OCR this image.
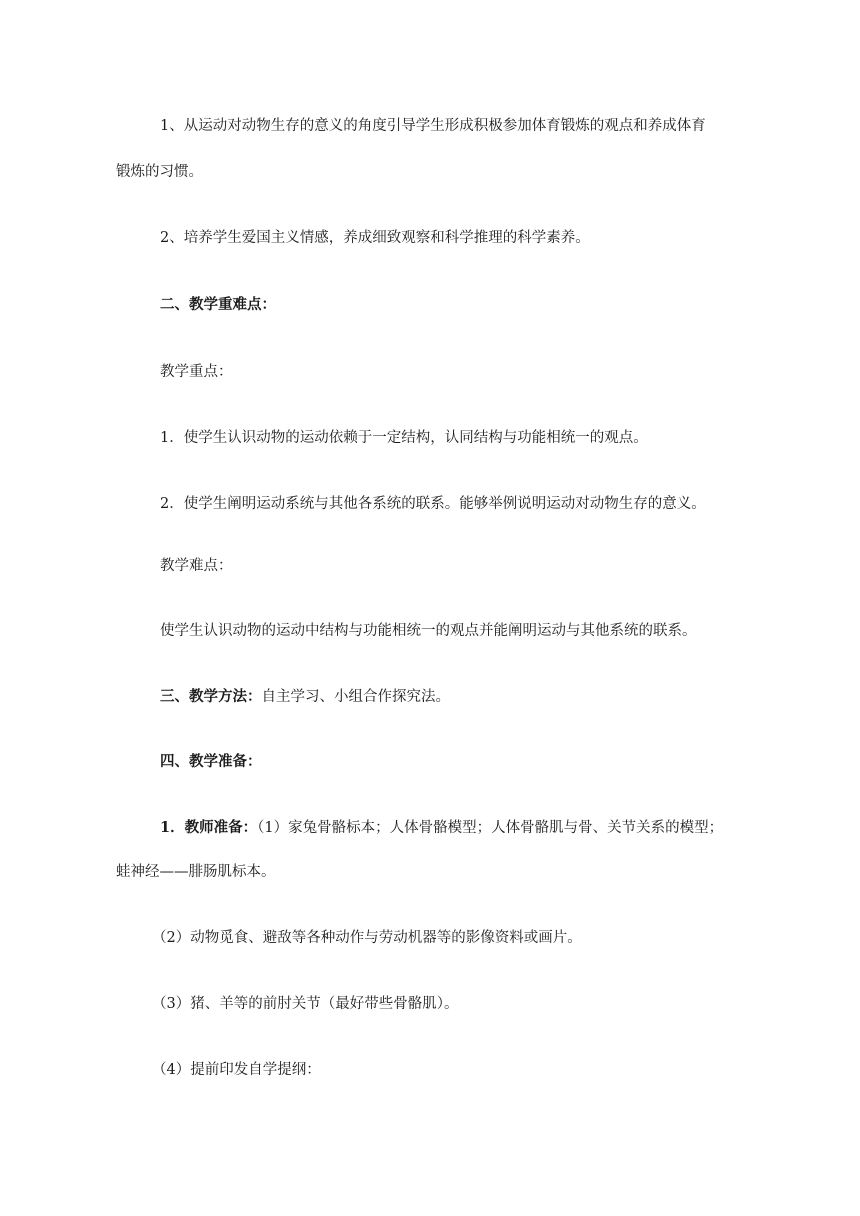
1、从运动对动物生存的意义的角度引导学生形成积极参加体育锻炼的观点和养成体育
锻炼的习惯。
2、培养学生爱国主义情感，养成细致观察和科学推理的科学素养。
二、教学重难点：
教学重点：
1．使学生认识动物的运动依赖于一定结构，认同结构与功能相统一的观点。
2．使学生阐明运动系统与其他各系统的联系。能够举例说明运动对动物生存的意义。
教学难点：
使学生认识动物的运动中结构与功能相统一的观点并能阐明运动与其他系统的联系。
三、教学方法：自主学习、小组合作探究法。
四、教学准备：
1．教师准备：（1）家兔骨骼标本；人体骨骼模型；人体骨骼肌与骨、关节关系的模型；
蛙神经——腓肠肌标本。
（2）动物觅食、避敌等各种动作与劳动机器等的影像资料或画片。
（3）猪、羊等的前肘关节（最好带些骨骼肌）。
（4）提前印发自学提纲：
